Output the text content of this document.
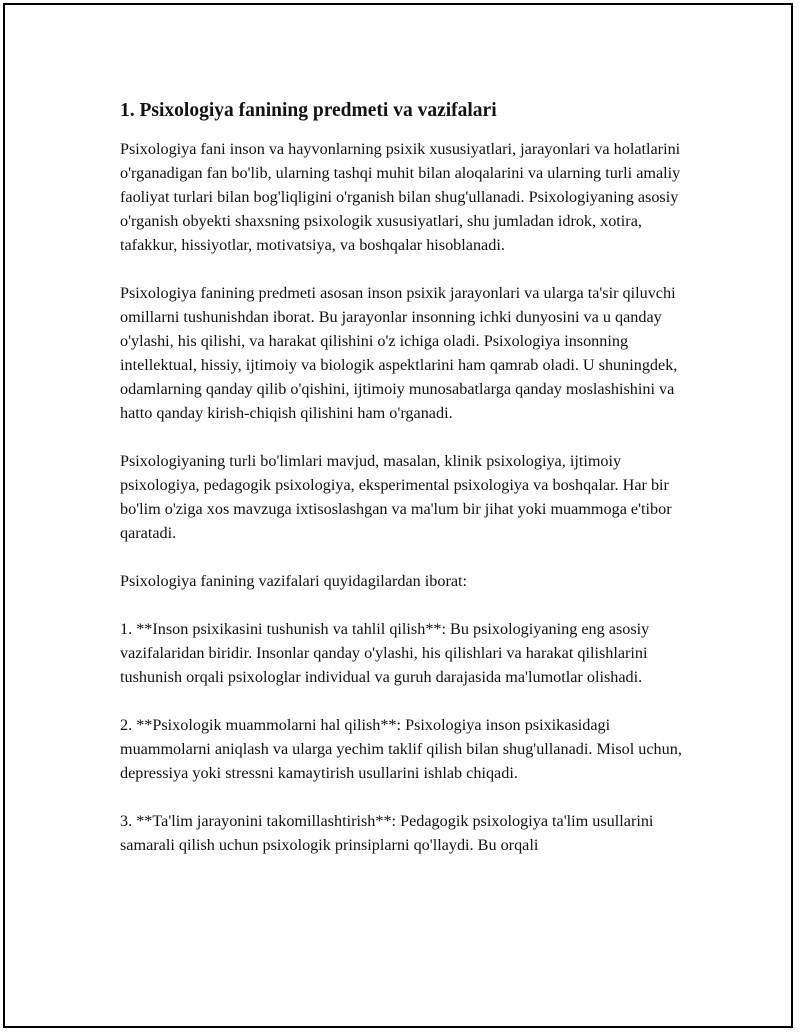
1. Psixologiya fanining predmeti va vazifalari

Psixologiya fani inson va hayvonlarning psixik xususiyatlari, jarayonlari va holatlarini o'rganadigan fan bo'lib, ularning tashqi muhit bilan aloqalarini va ularning turli amaliy faoliyat turlari bilan bog'liqligini o'rganish bilan shug'ullanadi. Psixologiyaning asosiy o'rganish obyekti shaxsning psixologik xususiyatlari, shu jumladan idrok, xotira, tafakkur, hissiyotlar, motivatsiya, va boshqalar hisoblanadi.

Psixologiya fanining predmeti asosan inson psixik jarayonlari va ularga ta'sir qiluvchi omillarni tushunishdan iborat. Bu jarayonlar insonning ichki dunyosini va u qanday o'ylashi, his qilishi, va harakat qilishini o'z ichiga oladi. Psixologiya insonning intellektual, hissiy, ijtimoiy va biologik aspektlarini ham qamrab oladi. U shuningdek, odamlarning qanday qilib o'qishini, ijtimoiy munosabatlarga qanday moslashishini va hatto qanday kirish-chiqish qilishini ham o'rganadi.

Psixologiyaning turli bo'limlari mavjud, masalan, klinik psixologiya, ijtimoiy psixologiya, pedagogik psixologiya, eksperimental psixologiya va boshqalar. Har bir bo'lim o'ziga xos mavzuga ixtisoslashgan va ma'lum bir jihat yoki muammoga e'tibor qaratadi.

Psixologiya fanining vazifalari quyidagilardan iborat:

1. **Inson psixikasini tushunish va tahlil qilish**: Bu psixologiyaning eng asosiy vazifalaridan biridir. Insonlar qanday o'ylashi, his qilishlari va harakat qilishlarini tushunish orqali psixologlar individual va guruh darajasida ma'lumotlar olishadi.

2. **Psixologik muammolarni hal qilish**: Psixologiya inson psixikasidagi muammolarni aniqlash va ularga yechim taklif qilish bilan shug'ullanadi. Misol uchun, depressiya yoki stressni kamaytirish usullarini ishlab chiqadi.

3. **Ta'lim jarayonini takomillashtirish**: Pedagogik psixologiya ta'lim usullarini samarali qilish uchun psixologik prinsiplarni qo'llaydi. Bu orqali
